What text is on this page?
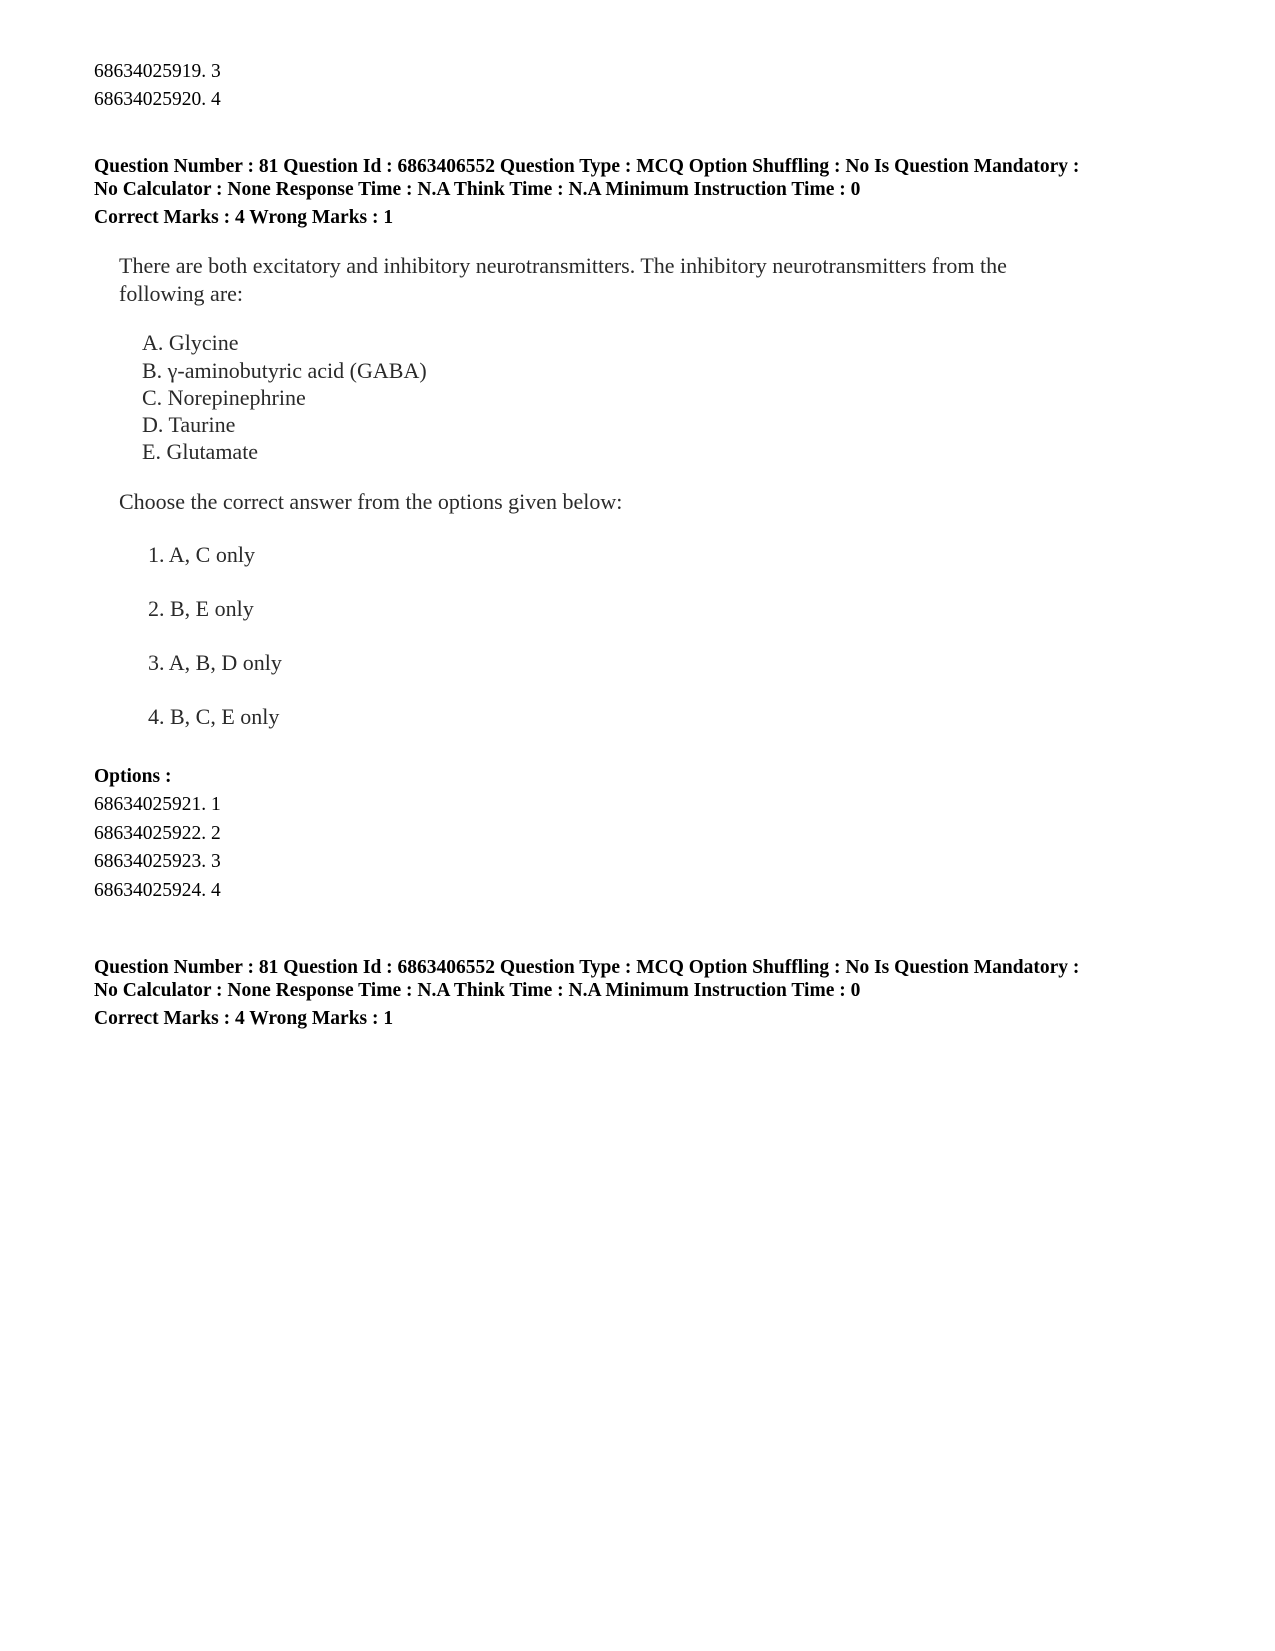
68634025919. 3
68634025920. 4
Question Number : 81 Question Id : 6863406552 Question Type : MCQ Option Shuffling : No Is Question Mandatory :
No Calculator : None Response Time : N.A Think Time : N.A Minimum Instruction Time : 0
Correct Marks : 4 Wrong Marks : 1
There are both excitatory and inhibitory neurotransmitters. The inhibitory neurotransmitters from the
following are:
A. Glycine
B. γ-aminobutyric acid (GABA)
C. Norepinephrine
D. Taurine
E. Glutamate
Choose the correct answer from the options given below:
1. A, C only
2. B, E only
3. A, B, D only
4. B, C, E only
Options :
68634025921. 1
68634025922. 2
68634025923. 3
68634025924. 4
Question Number : 81 Question Id : 6863406552 Question Type : MCQ Option Shuffling : No Is Question Mandatory :
No Calculator : None Response Time : N.A Think Time : N.A Minimum Instruction Time : 0
Correct Marks : 4 Wrong Marks : 1
